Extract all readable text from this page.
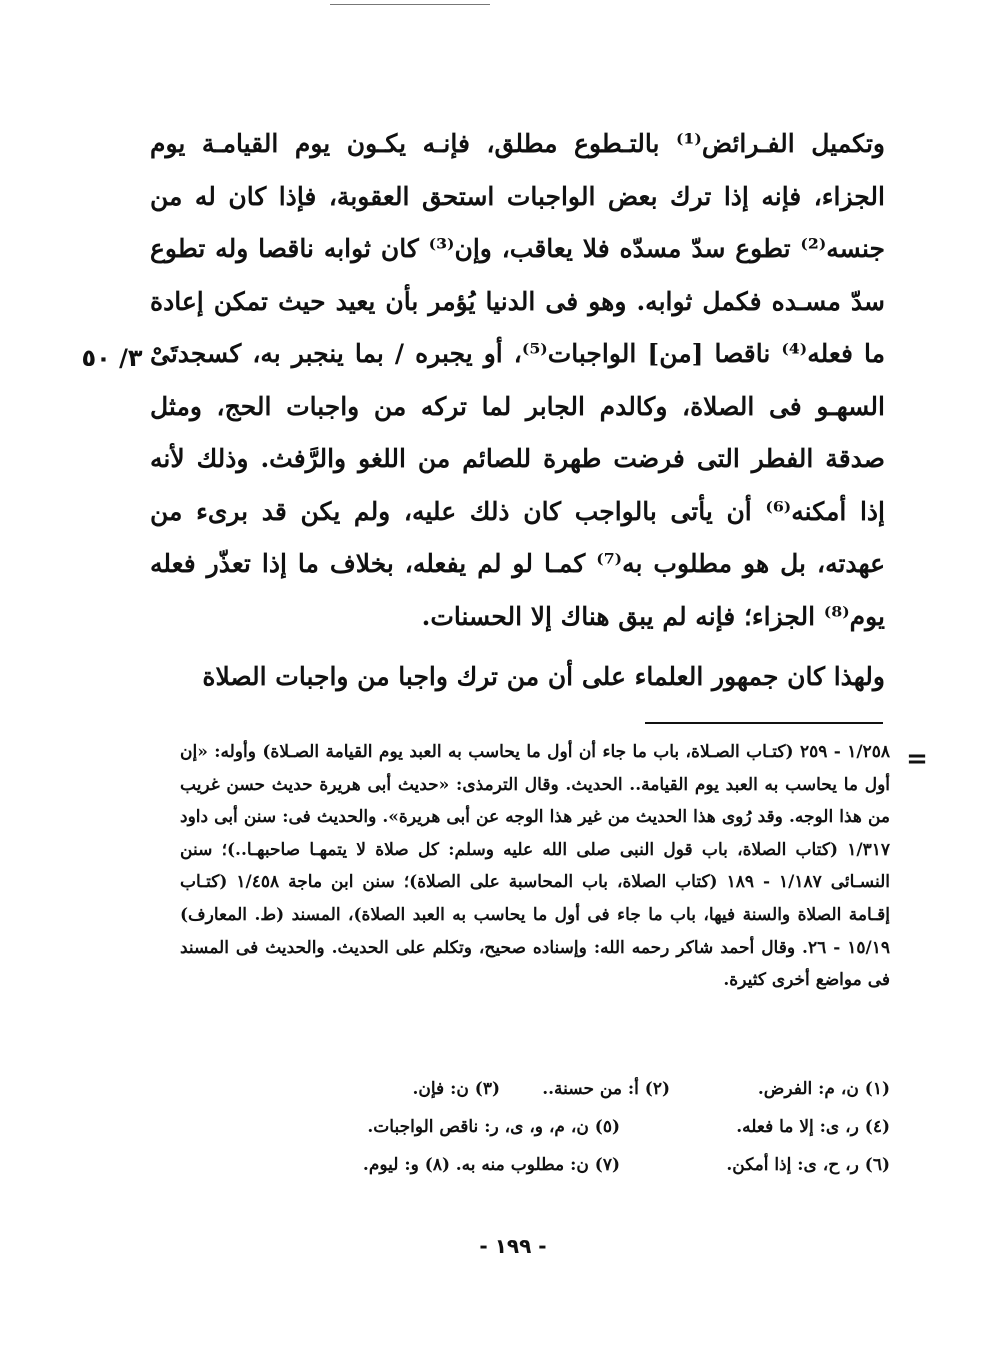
وتكميل الفـرائض⁽¹⁾ بالتـطوع مطلق، فإنـه يكـون يوم القيامـة يوم الجزاء، فإنه إذا ترك بعض الواجبات استحق العقوبة، فإذا كان له من جنسه⁽²⁾ تطوع سدّ مسدّه فلا يعاقب، وإن⁽³⁾ كان ثوابه ناقصا وله تطوع سدّ مسـده فكمل ثوابه. وهو فى الدنيا يُؤمر بأن يعيد حيث تمكن إعادة ما فعله⁽⁴⁾ ناقصا [من] الواجبات⁽⁵⁾، أو يجبره / بما ينجبر به، كسجدتَىْ السهـو فى الصلاة، وكالدم الجابر لما تركه من واجبات الحج، ومثل صدقة الفطر التى فرضت طهرة للصائم من اللغو والرَّفث. وذلك لأنه إذا أمكنه⁽⁶⁾ أن يأتى بالواجب كان ذلك عليه، ولم يكن قد برىء من عهدته، بل هو مطلوب به⁽⁷⁾ كمـا لو لم يفعله، بخلاف ما إذا تعذّر فعله يوم⁽⁸⁾ الجزاء؛ فإنه لم يبق هناك إلا الحسنات.

ولهذا كان جمهور العلماء على أن من ترك واجبا من واجبات الصلاة

٣/ ٥٠
=

١/٢٥٨ - ٢٥٩ (كتـاب الصـلاة، باب ما جاء أن أول ما يحاسب به العبد يوم القيامة الصـلاة) وأوله: «إن أول ما يحاسب به العبد يوم القيامة.. الحديث. وقال الترمذى: «حديث أبى هريرة حديث حسن غريب من هذا الوجه. وقد رُوى هذا الحديث من غير هذا الوجه عن أبى هريرة». والحديث فى: سنن أبى داود ١/٣١٧ (كتاب الصلاة، باب قول النبى صلى الله عليه وسلم: كل صلاة لا يتمهـا صاحبهـا..)؛ سنن النسـائى ١/١٨٧ - ١٨٩ (كتاب الصلاة، باب المحاسبة على الصلاة)؛ سنن ابن ماجة ١/٤٥٨ (كتـاب إقـامة الصلاة والسنة فيها، باب ما جاء فى أول ما يحاسب به العبد الصلاة)، المسند (ط. المعارف) ١٥/١٩ - ٢٦. وقال أحمد شاكر رحمه الله: وإسناده صحيح، وتكلم على الحديث. والحديث فى المسند فى مواضع أخرى كثيرة.

(١) ن، م: الفرض.
(٢) أ: من حسنة..
(٣) ن: فإن.
(٤) ر، ى: إلا ما فعله.
(٥) ن، م، و، ى، ر: ناقص الواجبات.
(٦) ر، ح، ى: إذا أمكن.
(٧) ن: مطلوب منه به.
(٨) و: ليوم.
- ١٩٩ -
